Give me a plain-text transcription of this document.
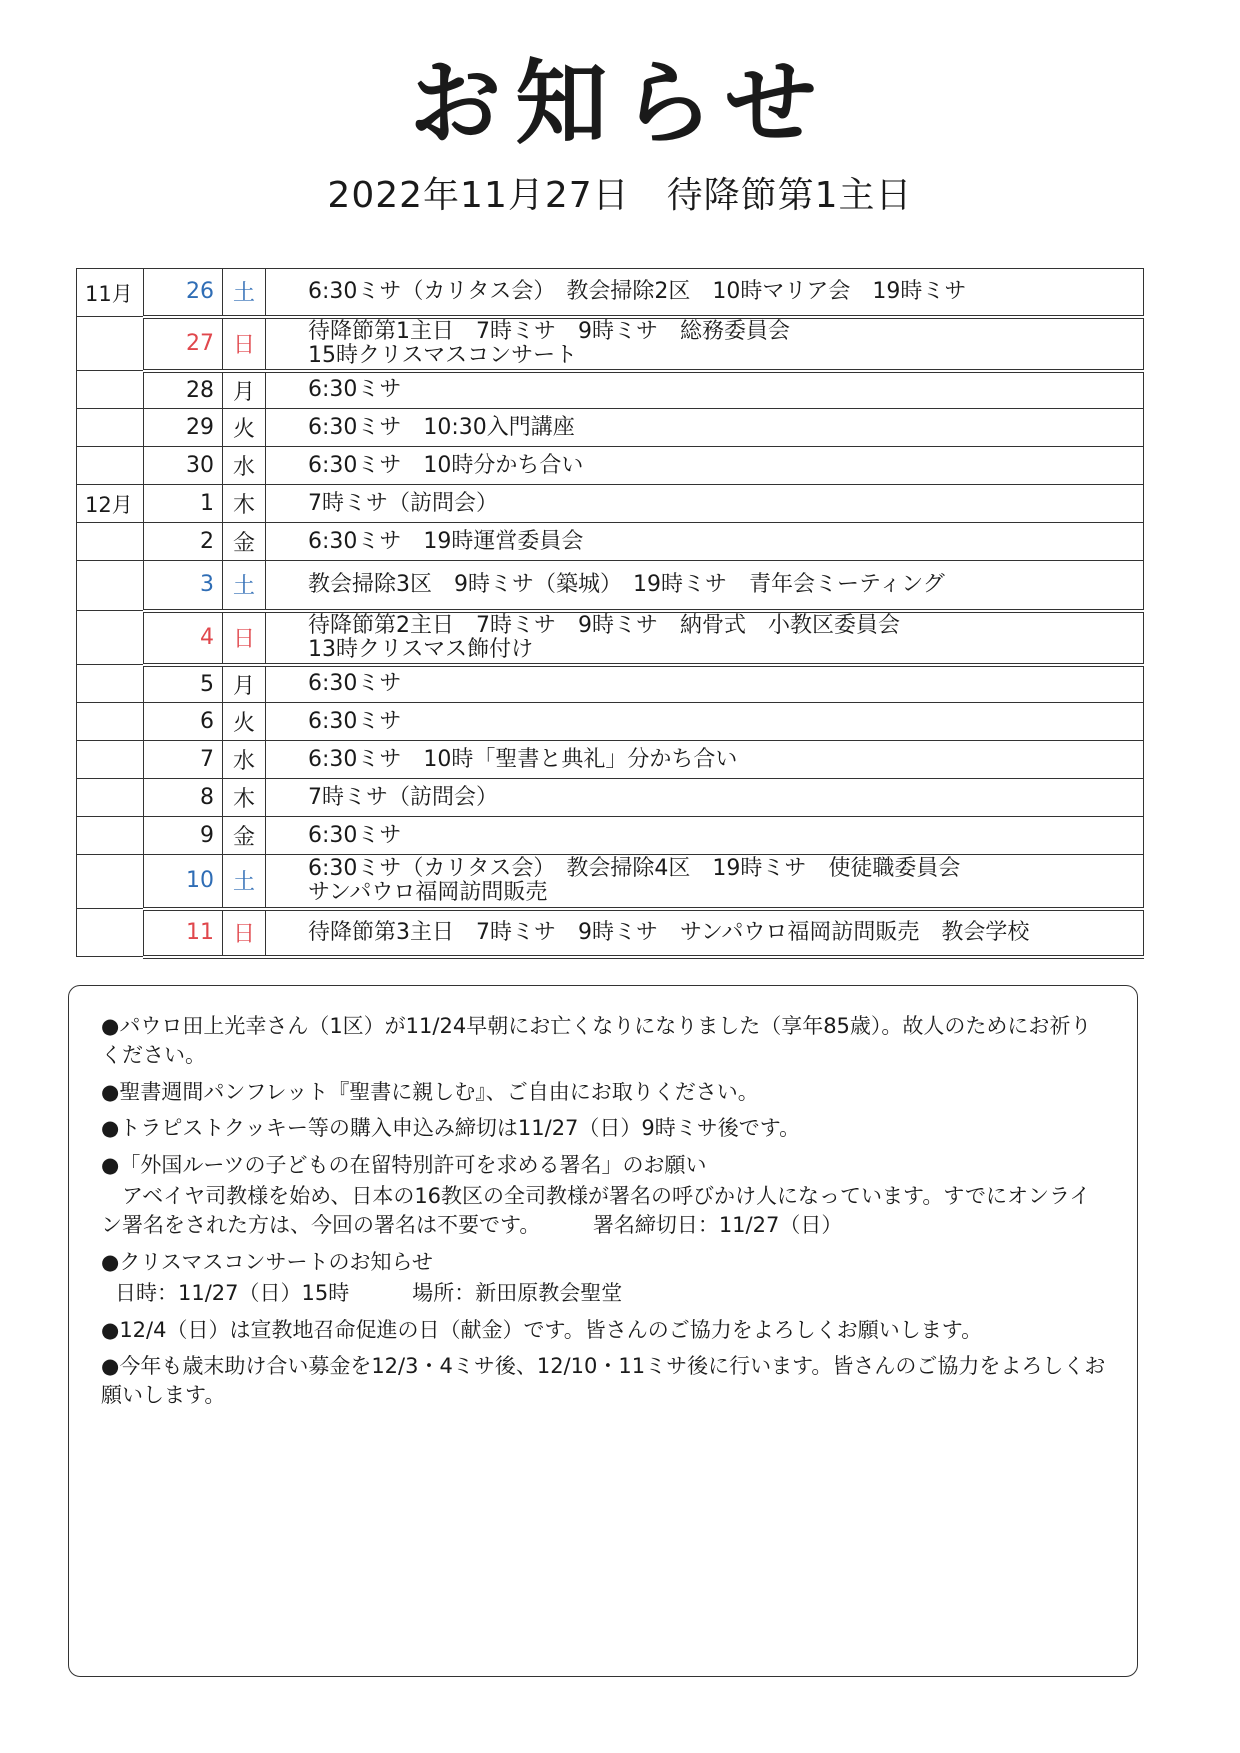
お知らせ
2022年11月27日　待降節第1主日
11月	26	土	6:30ミサ（カリタス会）　教会掃除2区　10時マリア会　19時ミサ

	27	日	待降節第1主日　7時ミサ　9時ミサ　総務委員会
15時クリスマスコンサート

	28	月	6:30ミサ

	29	火	6:30ミサ　10:30入門講座

	30	水	6:30ミサ　10時分かち合い

12月	1	木	7時ミサ（訪問会）

	2	金	6:30ミサ　19時運営委員会

	3	土	教会掃除3区　9時ミサ（築城）　19時ミサ　青年会ミーティング

	4	日	待降節第2主日　7時ミサ　9時ミサ　納骨式　小教区委員会
13時クリスマス飾付け

	5	月	6:30ミサ

	6	火	6:30ミサ

	7	水	6:30ミサ　10時「聖書と典礼」分かち合い

	8	木	7時ミサ（訪問会）

	9	金	6:30ミサ

	10	土	6:30ミサ（カリタス会）　教会掃除4区　19時ミサ　使徒職委員会
サンパウロ福岡訪問販売

	11	日	待降節第3主日　7時ミサ　9時ミサ　サンパウロ福岡訪問販売　教会学校

●パウロ田上光幸さん（1区）が11/24早朝にお亡くなりになりました（享年85歳）。故人のためにお祈りください。

●聖書週間パンフレット『聖書に親しむ』、ご自由にお取りください。

●トラピストクッキー等の購入申込み締切は11/27（日）9時ミサ後です。

●「外国ルーツの子どもの在留特別許可を求める署名」のお願い

　アベイヤ司教様を始め、日本の16教区の全司教様が署名の呼びかけ人になっています。すでにオンライン署名をされた方は、今回の署名は不要です。　　　署名締切日：11/27（日）

●クリスマスコンサートのお知らせ

日時：11/27（日）15時　　　場所：新田原教会聖堂

●12/4（日）は宣教地召命促進の日（献金）です。皆さんのご協力をよろしくお願いします。

●今年も歳末助け合い募金を12/3・4ミサ後、12/10・11ミサ後に行います。皆さんのご協力をよろしくお願いします。
